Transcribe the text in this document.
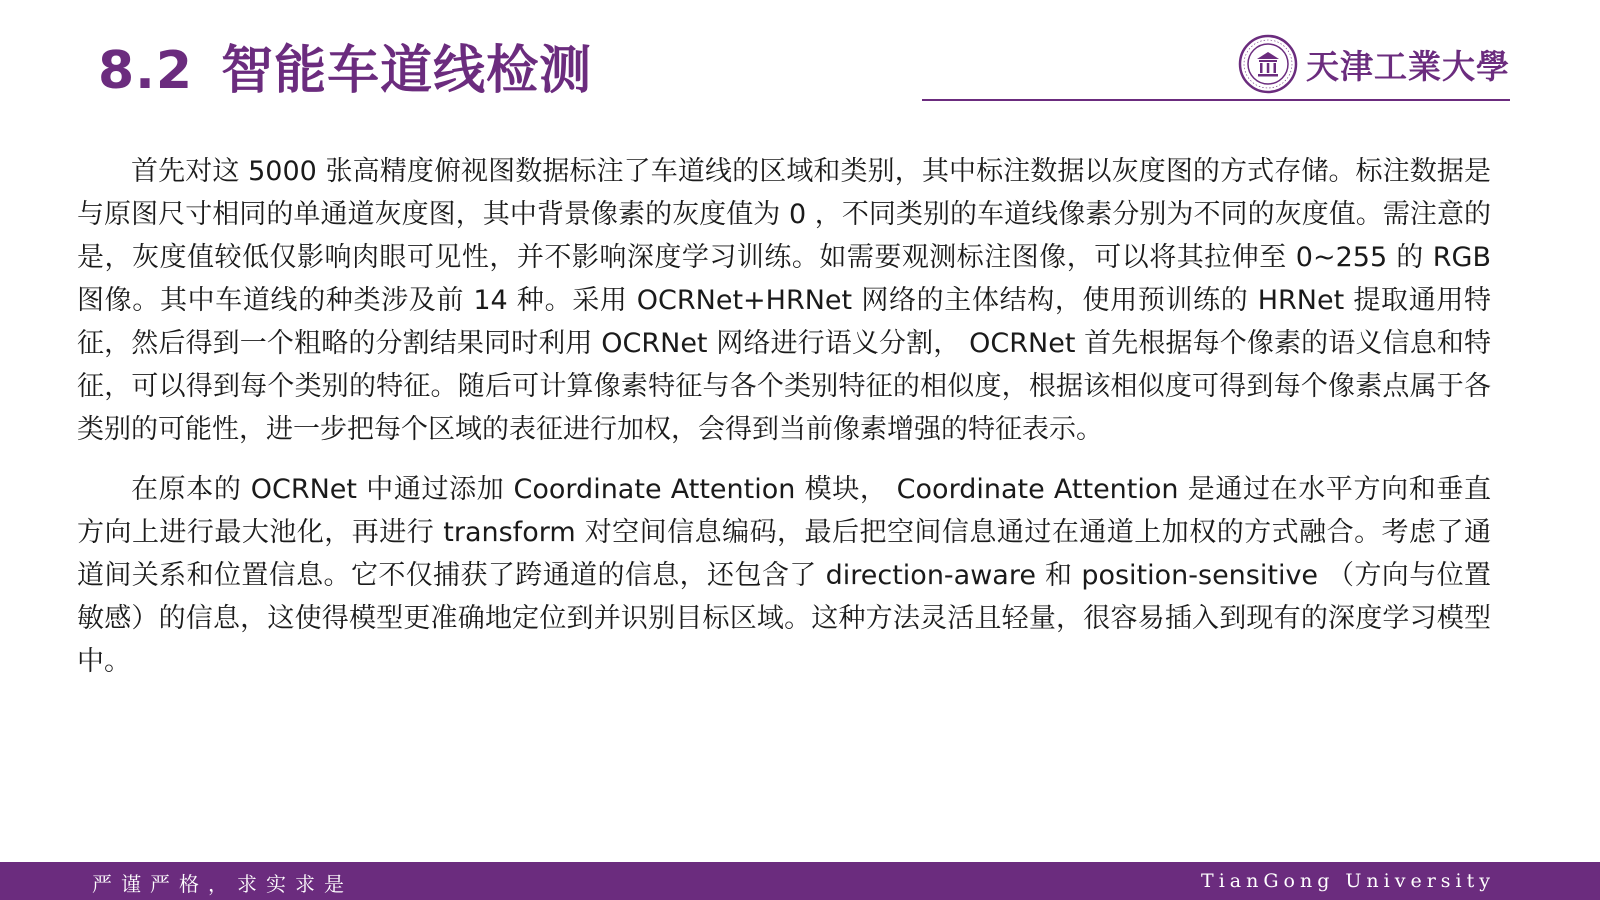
8.2 智能车道线检测	天津工業大學

首先对这 5000 张高精度俯视图数据标注了车道线的区域和类别，其中标注数据以灰度图的方式存储。标注数据是与原图尺寸相同的单通道灰度图，其中背景像素的灰度值为 0 ，不同类别的车道线像素分别为不同的灰度值。需注意的是，灰度值较低仅影响肉眼可见性，并不影响深度学习训练。如需要观测标注图像，可以将其拉伸至 0~255 的 RGB 图像。其中车道线的种类涉及前 14 种。采用 OCRNet+HRNet 网络的主体结构，使用预训练的 HRNet 提取通用特征，然后得到一个粗略的分割结果同时利用 OCRNet 网络进行语义分割， OCRNet 首先根据每个像素的语义信息和特征，可以得到每个类别的特征。随后可计算像素特征与各个类别特征的相似度，根据该相似度可得到每个像素点属于各类别的可能性，进一步把每个区域的表征进行加权，会得到当前像素增强的特征表示。

在原本的 OCRNet 中通过添加 Coordinate Attention 模块， Coordinate Attention 是通过在水平方向和垂直方向上进行最大池化，再进行 transform 对空间信息编码，最后把空间信息通过在通道上加权的方式融合。考虑了通道间关系和位置信息。它不仅捕获了跨通道的信息，还包含了 direction-aware 和 position-sensitive （方向与位置敏感）的信息，这使得模型更准确地定位到并识别目标区域。这种方法灵活且轻量，很容易插入到现有的深度学习模型中。

严谨严格，求实求是	TianGong University
